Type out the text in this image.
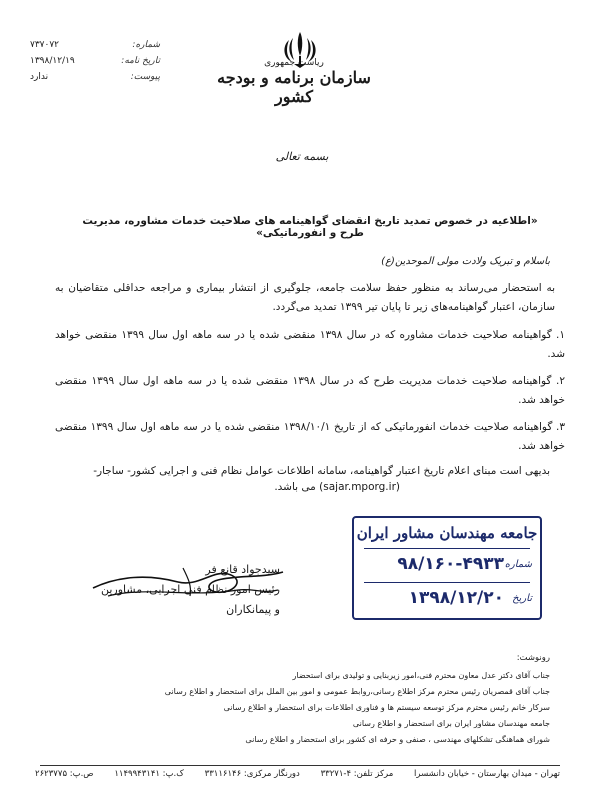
ریاست جمهوری
سازمان برنامه و بودجه کشور
شماره:
۷۳۷۰۷۲
تاریخ نامه:
۱۳۹۸/۱۲/۱۹
پیوست:
ندارد
بسمه تعالی
«اطلاعیه در خصوص تمدید تاریخ انقضای گواهینامه های صلاحیت خدمات مشاوره، مدیریت طرح و انفورماتیکی»
باسلام و تبریک ولادت مولی الموحدین(ع)
به استحضار می‌رساند به منظور حفظ سلامت جامعه، جلوگیری از انتشار بیماری و مراجعه حداقلی متقاضیان به سازمان، اعتبار گواهینامه‌های زیر تا پایان تیر ۱۳۹۹ تمدید می‌گردد.
۱. گواهینامه صلاحیت خدمات مشاوره که در سال ۱۳۹۸ منقضی شده یا در سه ماهه اول سال ۱۳۹۹ منقضی خواهد شد.
۲. گواهینامه صلاحیت خدمات مدیریت طرح که در سال ۱۳۹۸ منقضی شده یا در سه ماهه اول سال ۱۳۹۹ منقضی خواهد شد.
۳. گواهینامه صلاحیت خدمات انفورماتیکی که از تاریخ ۱۳۹۸/۱۰/۱ منقضی شده یا در سه ماهه اول سال ۱۳۹۹ منقضی خواهد شد.
بدیهی است مبنای اعلام تاریخ اعتبار گواهینامه، سامانه اطلاعات عوامل نظام فنی و اجرایی کشور- ساجار-
(sajar.mporg.ir) می باشد.
جامعه مهندسان مشاور ایران
شماره
۹۸/۱۶۰-۴۹۳۳
تاریخ
۱۳۹۸/۱۲/۲۰
سیدجواد قانع فر
رئیس امور نظام فنی اجرایی، مشاورین
و پیمانکاران
رونوشت:
جناب آقای دکتر عدل معاون محترم فنی،امور زیربنایی و تولیدی برای استحضار
جناب آقای قمصریان رئیس محترم مرکز اطلاع رسانی،روابط عمومی و امور بین الملل برای استحضار و اطلاع رسانی
سرکار خانم رئیس محترم مرکز توسعه سیستم ها و فناوری اطلاعات برای استحضار و اطلاع رسانی
جامعه مهندسان مشاور ایران برای استحضار و اطلاع رسانی
شورای هماهنگی تشکلهای مهندسی ، صنفی و حرفه ای کشور برای استحضار و اطلاع رسانی
تهران - میدان بهارستان - خیابان دانشسرا
مرکز تلفن: ۴-۳۳۲۷۱
دورنگار مرکزی: ۳۳۱۱۶۱۴۶
ک.پ: ۱۱۴۹۹۴۳۱۴۱
ص.پ: ۲۶۲۳۷۷۵
